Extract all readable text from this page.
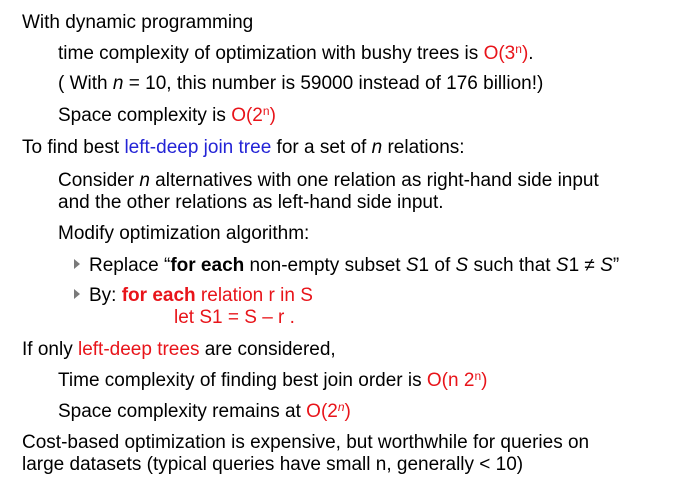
With dynamic programming
time complexity of optimization with bushy trees is O(3$^n$).
( With n = 10, this number is 59000 instead of 176 billion!)
Space complexity is O(2$^n$)
To find best left-deep join tree for a set of n relations:
Consider n alternatives with one relation as right-hand side input
and the other relations as left-hand side input.
Modify optimization algorithm:
Replace “for each non-empty subset S1 of S such that S1 ≠ S”
By: for each relation r in S
let S1 = S – r .
If only left-deep trees are considered,
Time complexity of finding best join order is O(n 2$^n$)
Space complexity remains at O(2$^n$)
Cost-based optimization is expensive, but worthwhile for queries on
large datasets (typical queries have small n, generally < 10)
